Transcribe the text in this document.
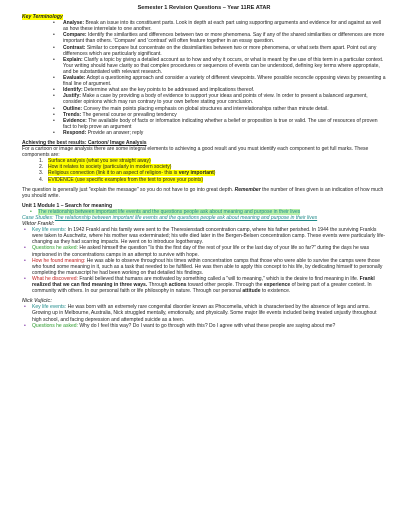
Semester 1 Revision Questions – Year 11RE ATAR
Key Terminology
• Analyse: Break an issue into its constituent parts. Look in depth at each part using supporting arguments and evidence for and against as well as how these interrelate to one another.
• Compare: Identify the similarities and differences between two or more phenomena. Say if any of the shared similarities or differences are more important than others. 'Compare' and 'contrast' will often feature together in an essay question.
• Contrast: Similar to compare but concentrate on the dissimilarities between two or more phenomena, or what sets them apart. Point out any differences which are particularly significant.
• Explain: Clarify a topic by giving a detailed account as to how and why it occurs, or what is meant by the use of this term in a particular context. Your writing should have clarity so that complex procedures or sequences of events can be understood, defining key terms where appropriate, and be substantiated with relevant research.
• Evaluate: Adopt a questioning approach and consider a variety of different viewpoints. Where possible reconcile opposing views by presenting a final line of argument.
• Identify: Determine what are the key points to be addressed and implications thereof.
• Justify: Make a case by providing a body of evidence to support your ideas and points of view. In order to present a balanced argument, consider opinions which may run contrary to your own before stating your conclusion.
• Outline: Convey the main points placing emphasis on global structures and interrelationships rather than minute detail.
• Trends: The general course or prevailing tendency
• Evidence: The available body of facts or information indicating whether a belief or proposition is true or valid. The use of resources of proven fact to help prove an argument
• Respond: Provide an answer; reply
Achieving the best results: Cartoon/ Image Analysis

For a cartoon or image analysis there are some integral elements to achieving a good result and you must identify each component to get full marks. These components are:

1. Surface analysis (what you see straight away)
2. How it relates to society (particularly in modern society)
3. Religious connection (link it to an aspect of religion- this is very important)
4. EVIDENCE (use specific examples from the text to prove your points)

The question is generally just "explain the message" so you do not have to go into great depth. Remember the number of lines given is an indication of how much you should write.

Unit 1 Module 1 – Search for meaning
• The relationship between important life events and the questions people ask about meaning and purpose in their lives

Case Studies: The relationship between important life events and the questions people ask about meaning and purpose in their lives

Viktor Frankl:

• Key life events: In 1942 Frankl and his family were sent to the Theresienstadt concentration camp, where his father perished. In 1944 the surviving Frankls were taken to Auschwitz, where his mother was exterminated; his wife died later in the Bergen-Belsen concentration camp. These events were particularly life-changing as they had scarring impacts. He went on to introduce logotherapy.
• Questions he asked: He asked himself the question "Is this the first day of the rest of your life or the last day of your life so far?" during the days he was imprisoned in the concentrations camps in an attempt to survive with hope.
• How he found meaning: He was able to observe throughout his times within concentration camps that those who were able to survive the camps were those who found some meaning in it, such as a task that needed to be fulfilled. He was then able to apply this concept to his life, by dedicating himself to personally completing the manuscript he had been working on that detailed his findings.
• What he discovered: Frankl believed that humans are motivated by something called a "will to meaning," which is the desire to find meaning in life. Frankl realized that we can find meaning in three ways. Through actions toward other people. Through the experience of being part of a greater context. In community with others. In our personal faith or life philosophy in nature. Through our personal attitude to existence.

Nick Vujicic:

• Key life events: He was born with an extremely rare congenital disorder known as Phocomelia, which is characterised by the absence of legs and arms. Growing up in Melbourne, Australia, Nick struggled mentally, emotionally, and physically. Some major life events included being treated unjustly throughout high school, and facing depression and attempted suicide as a teen.
• Questions he asked: Why do I feel this way? Do I want to go through with this? Do I agree with what these people are saying about me?
